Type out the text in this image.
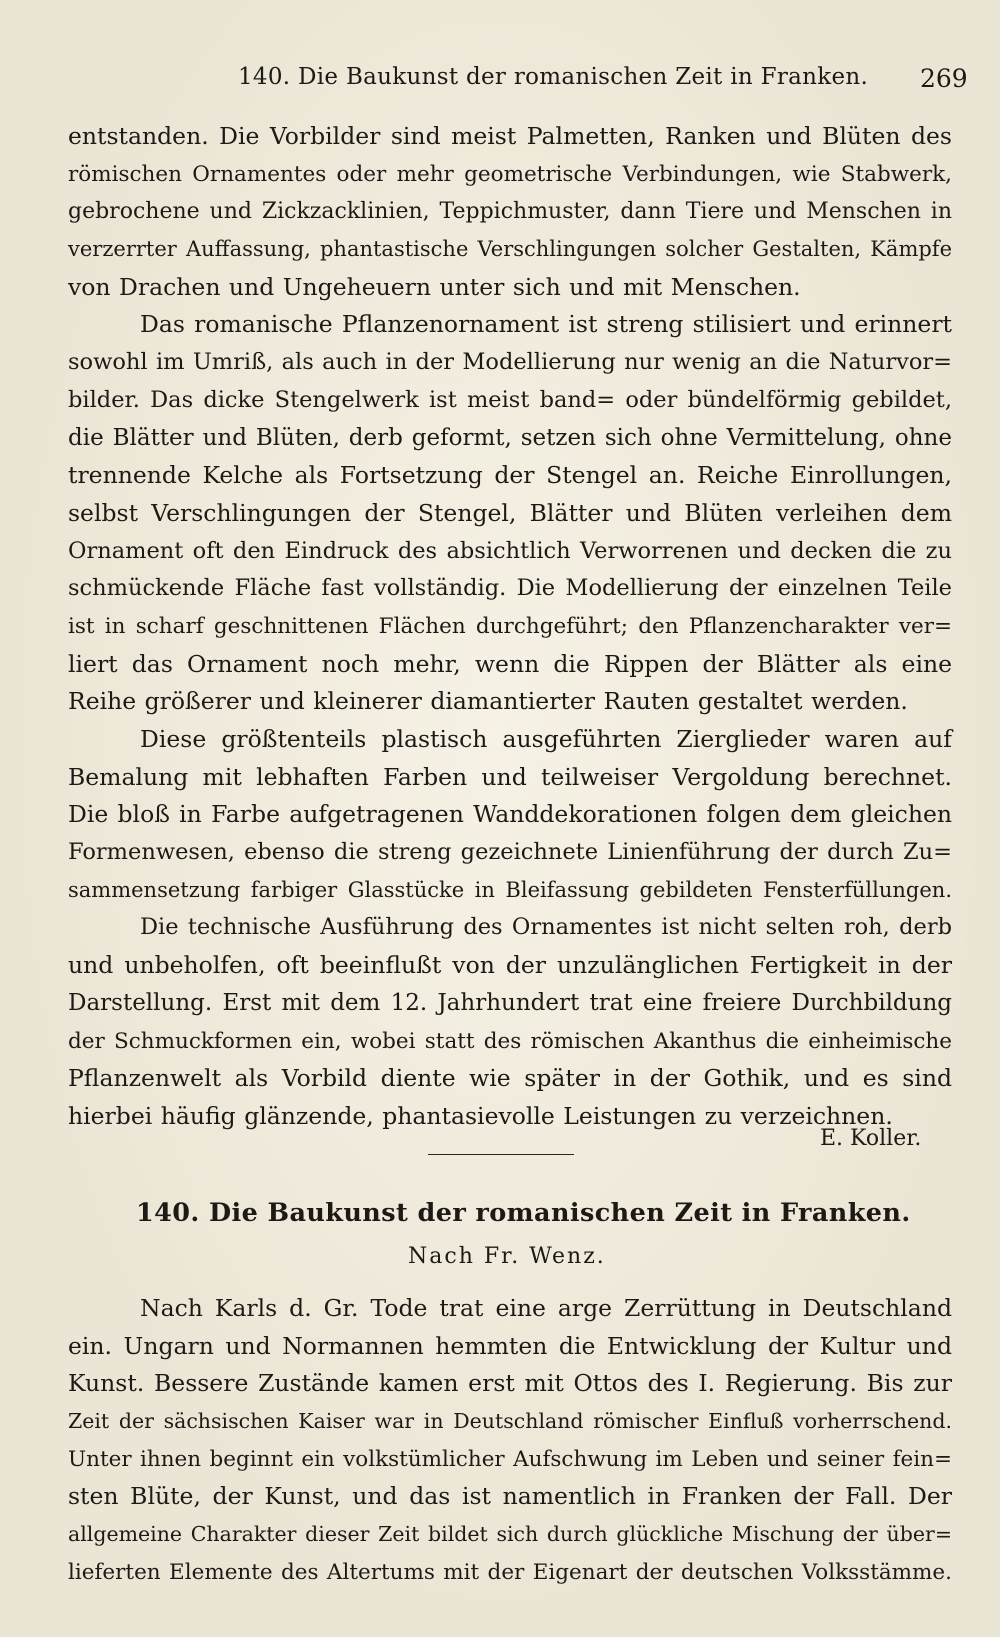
140. Die Baukunst der romanischen Zeit in Franken. 269
entstanden. Die Vorbilder sind meist Palmetten, Ranken und Blüten des
römischen Ornamentes oder mehr geometrische Verbindungen, wie Stabwerk,
gebrochene und Zickzacklinien, Teppichmuster, dann Tiere und Menschen in
verzerrter Auffassung, phantastische Verschlingungen solcher Gestalten, Kämpfe
von Drachen und Ungeheuern unter sich und mit Menschen.
Das romanische Pflanzenornament ist streng stilisiert und erinnert
sowohl im Umriß, als auch in der Modellierung nur wenig an die Naturvor=
bilder. Das dicke Stengelwerk ist meist band= oder bündelförmig gebildet,
die Blätter und Blüten, derb geformt, setzen sich ohne Vermittelung, ohne
trennende Kelche als Fortsetzung der Stengel an. Reiche Einrollungen,
selbst Verschlingungen der Stengel, Blätter und Blüten verleihen dem
Ornament oft den Eindruck des absichtlich Verworrenen und decken die zu
schmückende Fläche fast vollständig. Die Modellierung der einzelnen Teile
ist in scharf geschnittenen Flächen durchgeführt; den Pflanzencharakter ver=
liert das Ornament noch mehr, wenn die Rippen der Blätter als eine
Reihe größerer und kleinerer diamantierter Rauten gestaltet werden.
Diese größtenteils plastisch ausgeführten Zierglieder waren auf
Bemalung mit lebhaften Farben und teilweiser Vergoldung berechnet.
Die bloß in Farbe aufgetragenen Wanddekorationen folgen dem gleichen
Formenwesen, ebenso die streng gezeichnete Linienführung der durch Zu=
sammensetzung farbiger Glasstücke in Bleifassung gebildeten Fensterfüllungen.
Die technische Ausführung des Ornamentes ist nicht selten roh, derb
und unbeholfen, oft beeinflußt von der unzulänglichen Fertigkeit in der
Darstellung. Erst mit dem 12. Jahrhundert trat eine freiere Durchbildung
der Schmuckformen ein, wobei statt des römischen Akanthus die einheimische
Pflanzenwelt als Vorbild diente wie später in der Gothik, und es sind
hierbei häufig glänzende, phantasievolle Leistungen zu verzeichnen.
E. Koller.
140. Die Baukunst der romanischen Zeit in Franken.
Nach Fr. Wenz.
Nach Karls d. Gr. Tode trat eine arge Zerrüttung in Deutschland
ein. Ungarn und Normannen hemmten die Entwicklung der Kultur und
Kunst. Bessere Zustände kamen erst mit Ottos des I. Regierung. Bis zur
Zeit der sächsischen Kaiser war in Deutschland römischer Einfluß vorherrschend.
Unter ihnen beginnt ein volkstümlicher Aufschwung im Leben und seiner fein=
sten Blüte, der Kunst, und das ist namentlich in Franken der Fall. Der
allgemeine Charakter dieser Zeit bildet sich durch glückliche Mischung der über=
lieferten Elemente des Altertums mit der Eigenart der deutschen Volksstämme.
